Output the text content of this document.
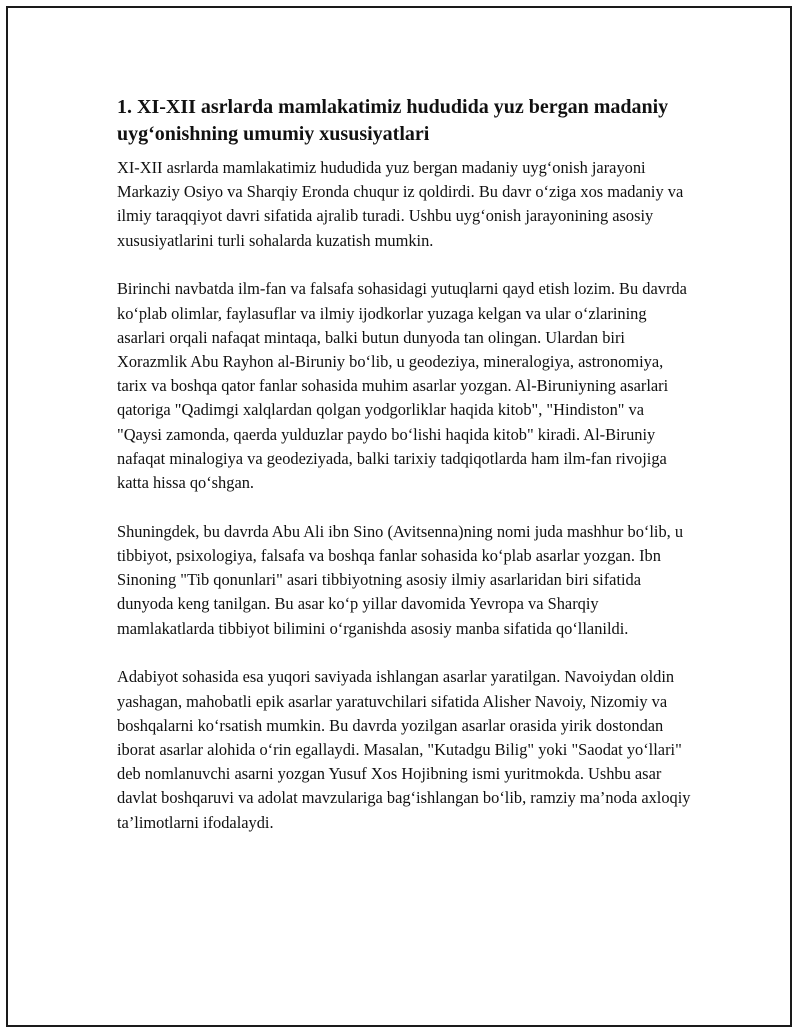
1. XI-XII asrlarda mamlakatimiz hududida yuz bergan madaniy uyg‘onishning umumiy xususiyatlari

XI-XII asrlarda mamlakatimiz hududida yuz bergan madaniy uyg‘onish jarayoni Markaziy Osiyo va Sharqiy Eronda chuqur iz qoldirdi. Bu davr o‘ziga xos madaniy va ilmiy taraqqiyot davri sifatida ajralib turadi. Ushbu uyg‘onish jarayonining asosiy xususiyatlarini turli sohalarda kuzatish mumkin.

Birinchi navbatda ilm-fan va falsafa sohasidagi yutuqlarni qayd etish lozim. Bu davrda ko‘plab olimlar, faylasuflar va ilmiy ijodkorlar yuzaga kelgan va ular o‘zlarining asarlari orqali nafaqat mintaqa, balki butun dunyoda tan olingan. Ulardan biri Xorazmlik Abu Rayhon al-Biruniy bo‘lib, u geodeziya, mineralogiya, astronomiya, tarix va boshqa qator fanlar sohasida muhim asarlar yozgan. Al-Biruniyning asarlari qatoriga "Qadimgi xalqlardan qolgan yodgorliklar haqida kitob", "Hindiston" va "Qaysi zamonda, qaerda yulduzlar paydo bo‘lishi haqida kitob" kiradi. Al-Biruniy nafaqat minalogiya va geodeziyada, balki tarixiy tadqiqotlarda ham ilm-fan rivojiga katta hissa qo‘shgan.

Shuningdek, bu davrda Abu Ali ibn Sino (Avitsenna)ning nomi juda mashhur bo‘lib, u tibbiyot, psixologiya, falsafa va boshqa fanlar sohasida ko‘plab asarlar yozgan. Ibn Sinoning "Tib qonunlari" asari tibbiyotning asosiy ilmiy asarlaridan biri sifatida dunyoda keng tanilgan. Bu asar ko‘p yillar davomida Yevropa va Sharqiy mamlakatlarda tibbiyot bilimini o‘rganishda asosiy manba sifatida qo‘llanildi.

Adabiyot sohasida esa yuqori saviyada ishlangan asarlar yaratilgan. Navoiydan oldin yashagan, mahobatli epik asarlar yaratuvchilari sifatida Alisher Navoiy, Nizomiy va boshqalarni ko‘rsatish mumkin. Bu davrda yozilgan asarlar orasida yirik dostondan iborat asarlar alohida o‘rin egallaydi. Masalan, "Kutadgu Bilig" yoki "Saodat yo‘llari" deb nomlanuvchi asarni yozgan Yusuf Xos Hojibning ismi yuritmokda. Ushbu asar davlat boshqaruvi va adolat mavzulariga bag‘ishlangan bo‘lib, ramziy ma’noda axloqiy ta’limotlarni ifodalaydi.
